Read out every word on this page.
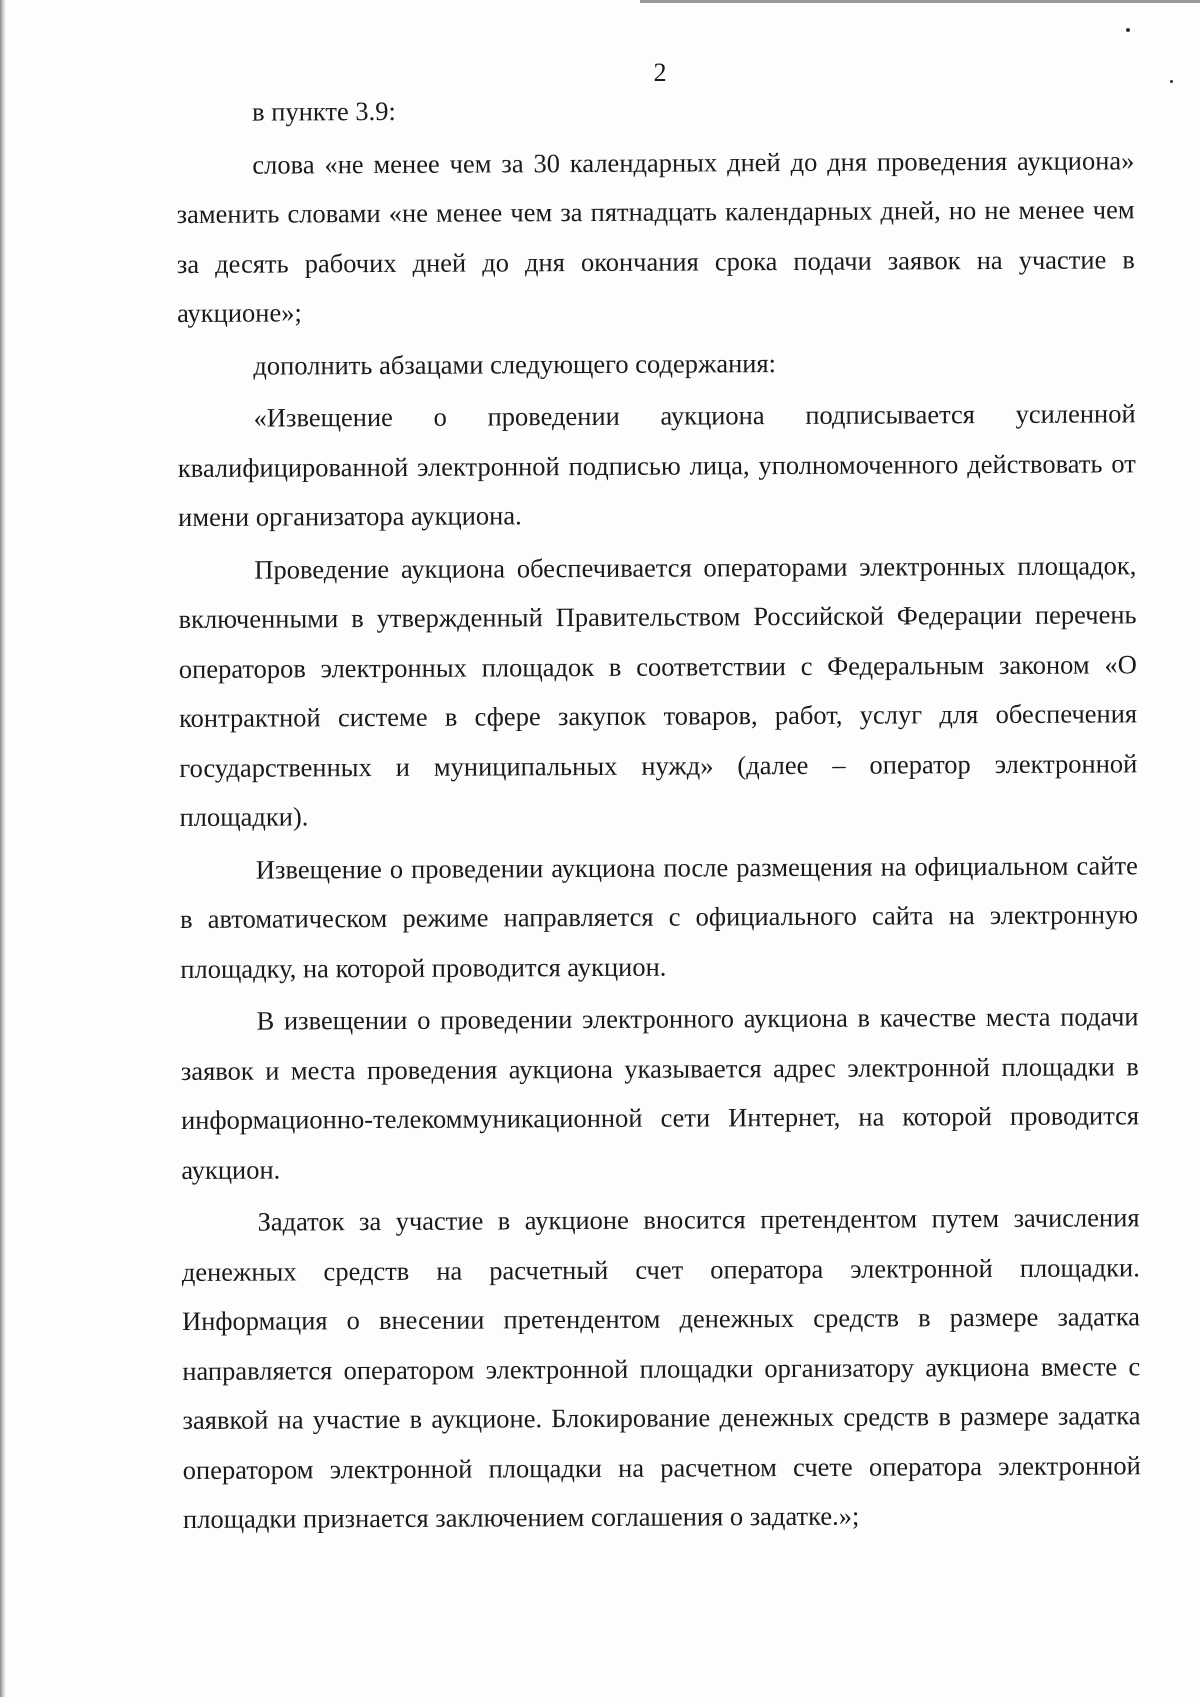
2

в пункте 3.9:

слова «не менее чем за 30 календарных дней до дня проведения аукциона» заменить словами «не менее чем за пятнадцать календарных дней, но не менее чем за десять рабочих дней до дня окончания срока подачи заявок на участие в аукционе»;

дополнить абзацами следующего содержания:

«Извещение о проведении аукциона подписывается усиленной квалифицированной электронной подписью лица, уполномоченного действовать от имени организатора аукциона.

Проведение аукциона обеспечивается операторами электронных площадок, включенными в утвержденный Правительством Российской Федерации перечень операторов электронных площадок в соответствии с Федеральным законом «О контрактной системе в сфере закупок товаров, работ, услуг для обеспечения государственных и муниципальных нужд» (далее – оператор электронной площадки).

Извещение о проведении аукциона после размещения на официальном сайте в автоматическом режиме направляется с официального сайта на электронную площадку, на которой проводится аукцион.

В извещении о проведении электронного аукциона в качестве места подачи заявок и места проведения аукциона указывается адрес электронной площадки в информационно-телекоммуникационной сети Интернет, на которой проводится аукцион.

Задаток за участие в аукционе вносится претендентом путем зачисления денежных средств на расчетный счет оператора электронной площадки. Информация о внесении претендентом денежных средств в размере задатка направляется оператором электронной площадки организатору аукциона вместе с заявкой на участие в аукционе. Блокирование денежных средств в размере задатка оператором электронной площадки на расчетном счете оператора электронной площадки признается заключением соглашения о задатке.»;
